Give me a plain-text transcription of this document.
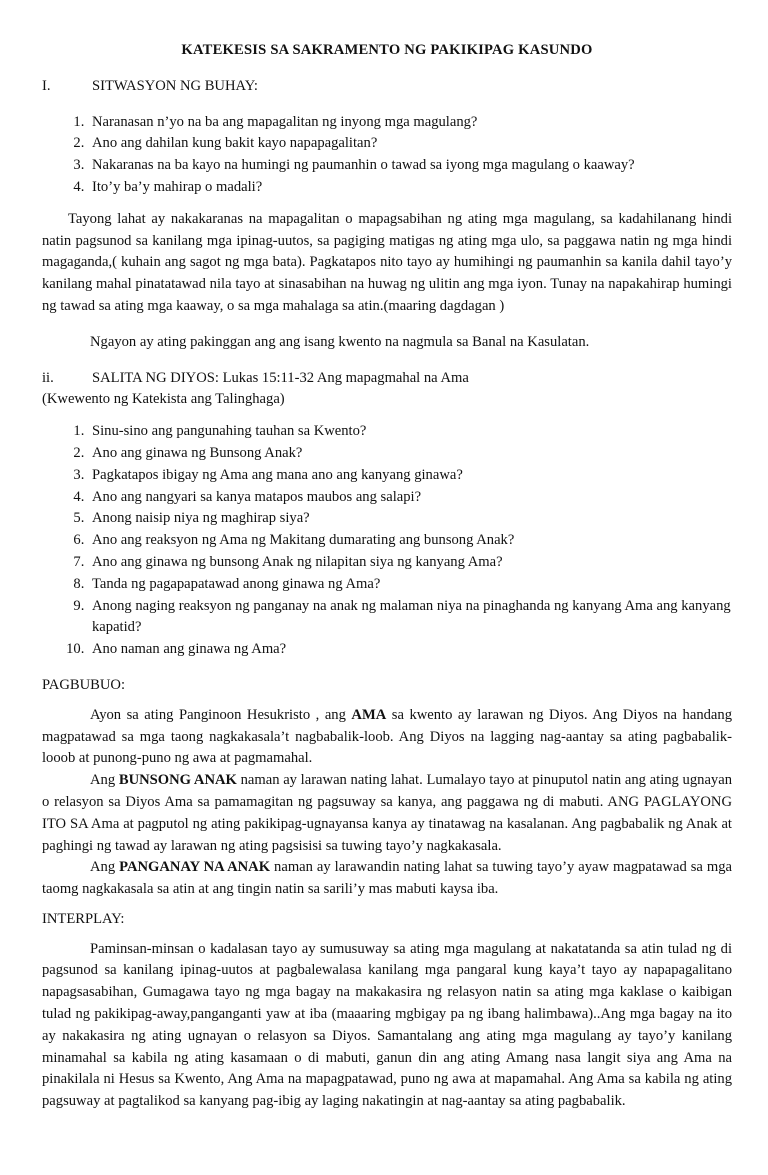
KATEKESIS SA SAKRAMENTO NG PAKIKIPAG KASUNDO
I.	SITWASYON NG BUHAY:
1. Naranasan n’yo na ba ang mapagalitan ng inyong mga magulang?
2. Ano ang dahilan kung bakit kayo napapagalitan?
3. Nakaranas na ba kayo na humingi ng paumanhin o tawad sa iyong mga magulang o kaaway?
4. Ito’y ba’y mahirap o madali?

Tayong lahat ay nakakaranas na mapagalitan o mapagsabihan ng ating mga magulang, sa kadahilanang hindi natin pagsunod sa kanilang mga ipinag-uutos, sa pagiging matigas ng ating mga ulo, sa paggawa natin ng mga hindi magaganda,( kuhain ang sagot ng mga bata). Pagkatapos nito tayo ay humihingi ng paumanhin sa kanila dahil tayo’y kanilang mahal pinatatawad nila tayo at sinasabihan na huwag ng ulitin ang mga iyon. Tunay na napakahirap humingi ng tawad sa ating mga kaaway, o sa mga mahalaga sa atin.(maaring dagdagan )

Ngayon ay ating pakinggan ang ang isang kwento na nagmula sa Banal na Kasulatan.

ii.	SALITA NG DIYOS: Lukas 15:11-32 Ang mapagmahal na Ama
(Kwewento ng Katekista ang Talinghaga)
1. Sinu-sino ang pangunahing tauhan sa Kwento?
2. Ano ang ginawa ng Bunsong Anak?
3. Pagkatapos ibigay ng Ama ang mana ano ang kanyang ginawa?
4. Ano ang nangyari sa kanya matapos maubos ang salapi?
5. Anong naisip niya ng maghirap siya?
6. Ano ang reaksyon ng Ama ng Makitang dumarating ang bunsong Anak?
7. Ano ang ginawa ng bunsong Anak ng nilapitan siya ng kanyang Ama?
8. Tanda ng pagapapatawad anong ginawa ng Ama?
9. Anong naging reaksyon ng panganay na anak ng malaman niya na pinaghanda ng kanyang Ama ang kanyang kapatid?
10. Ano naman ang ginawa ng Ama?
PAGBUBUO:

Ayon sa ating Panginoon Hesukristo , ang AMA sa kwento ay larawan ng Diyos. Ang Diyos na handang magpatawad sa mga taong nagkakasala’t nagbabalik-loob. Ang Diyos na lagging nag-aantay sa ating pagbabalik-looob at punong-puno ng awa at pagmamahal.

Ang BUNSONG ANAK naman ay larawan nating lahat. Lumalayo tayo at pinuputol natin ang ating ugnayan o relasyon sa Diyos Ama sa pamamagitan ng pagsuway sa kanya, ang paggawa ng di mabuti. ANG PAGLAYONG ITO SA Ama at pagputol ng ating pakikipag-ugnayansa kanya ay tinatawag na kasalanan. Ang pagbabalik ng Anak at paghingi ng tawad ay larawan ng ating pagsisisi sa tuwing tayo’y nagkakasala.

Ang PANGANAY NA ANAK naman ay larawandin nating lahat sa tuwing tayo’y ayaw magpatawad sa mga taomg nagkakasala sa atin at ang tingin natin sa sarili’y mas mabuti kaysa iba.

INTERPLAY:

Paminsan-minsan o kadalasan tayo ay sumusuway sa ating mga magulang at nakatatanda sa atin tulad ng di pagsunod sa kanilang ipinag-uutos at pagbalewalasa kanilang mga pangaral kung kaya’t tayo ay napapagalitano napagsasabihan, Gumagawa tayo ng mga bagay na makakasira ng relasyon natin sa ating mga kaklase o kaibigan tulad ng pakikipag-away,panganganti yaw at iba (maaaring mgbigay pa ng ibang halimbawa)..Ang mga bagay na ito ay nakakasira ng ating ugnayan o relasyon sa Diyos. Samantalang ang ating mga magulang ay tayo’y kanilang minamahal sa kabila ng ating kasamaan o di mabuti, ganun din ang ating Amang nasa langit siya ang Ama na pinakilala ni Hesus sa Kwento, Ang Ama na mapagpatawad, puno ng awa at mapamahal. Ang Ama sa kabila ng ating pagsuway at pagtalikod sa kanyang pag-ibig ay laging nakatingin at nag-aantay sa ating pagbabalik.
